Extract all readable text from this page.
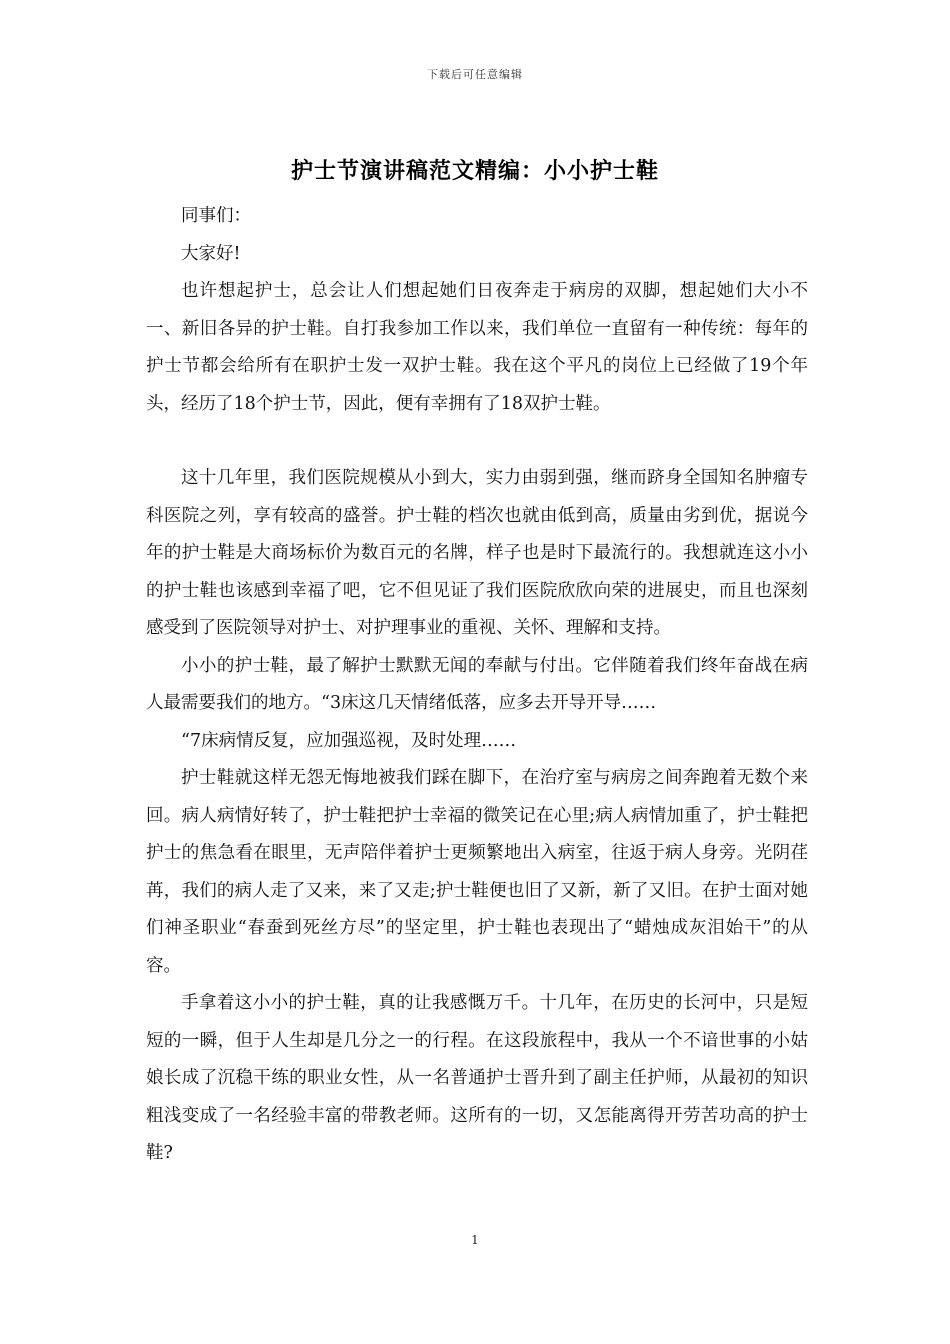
下载后可任意编辑
护士节演讲稿范文精编：小小护士鞋

同事们：

大家好!

也许想起护士，总会让人们想起她们日夜奔走于病房的双脚，想起她们大小不一、新旧各异的护士鞋。自打我参加工作以来，我们单位一直留有一种传统：每年的护士节都会给所有在职护士发一双护士鞋。我在这个平凡的岗位上已经做了19个年头，经历了18个护士节，因此，便有幸拥有了18双护士鞋。

这十几年里，我们医院规模从小到大，实力由弱到强，继而跻身全国知名肿瘤专科医院之列，享有较高的盛誉。护士鞋的档次也就由低到高，质量由劣到优，据说今年的护士鞋是大商场标价为数百元的名牌，样子也是时下最流行的。我想就连这小小的护士鞋也该感到幸福了吧，它不但见证了我们医院欣欣向荣的进展史，而且也深刻感受到了医院领导对护士、对护理事业的重视、关怀、理解和支持。

小小的护士鞋，最了解护士默默无闻的奉献与付出。它伴随着我们终年奋战在病人最需要我们的地方。“3床这几天情绪低落，应多去开导开导……

“7床病情反复，应加强巡视，及时处理……

护士鞋就这样无怨无悔地被我们踩在脚下，在治疗室与病房之间奔跑着无数个来回。病人病情好转了，护士鞋把护士幸福的微笑记在心里;病人病情加重了，护士鞋把护士的焦急看在眼里，无声陪伴着护士更频繁地出入病室，往返于病人身旁。光阴荏苒，我们的病人走了又来，来了又走;护士鞋便也旧了又新，新了又旧。在护士面对她们神圣职业“春蚕到死丝方尽”的坚定里，护士鞋也表现出了“蜡烛成灰泪始干”的从容。

手拿着这小小的护士鞋，真的让我感慨万千。十几年，在历史的长河中，只是短短的一瞬，但于人生却是几分之一的行程。在这段旅程中，我从一个不谙世事的小姑娘长成了沉稳干练的职业女性，从一名普通护士晋升到了副主任护师，从最初的知识粗浅变成了一名经验丰富的带教老师。这所有的一切，又怎能离得开劳苦功高的护士鞋?

1
